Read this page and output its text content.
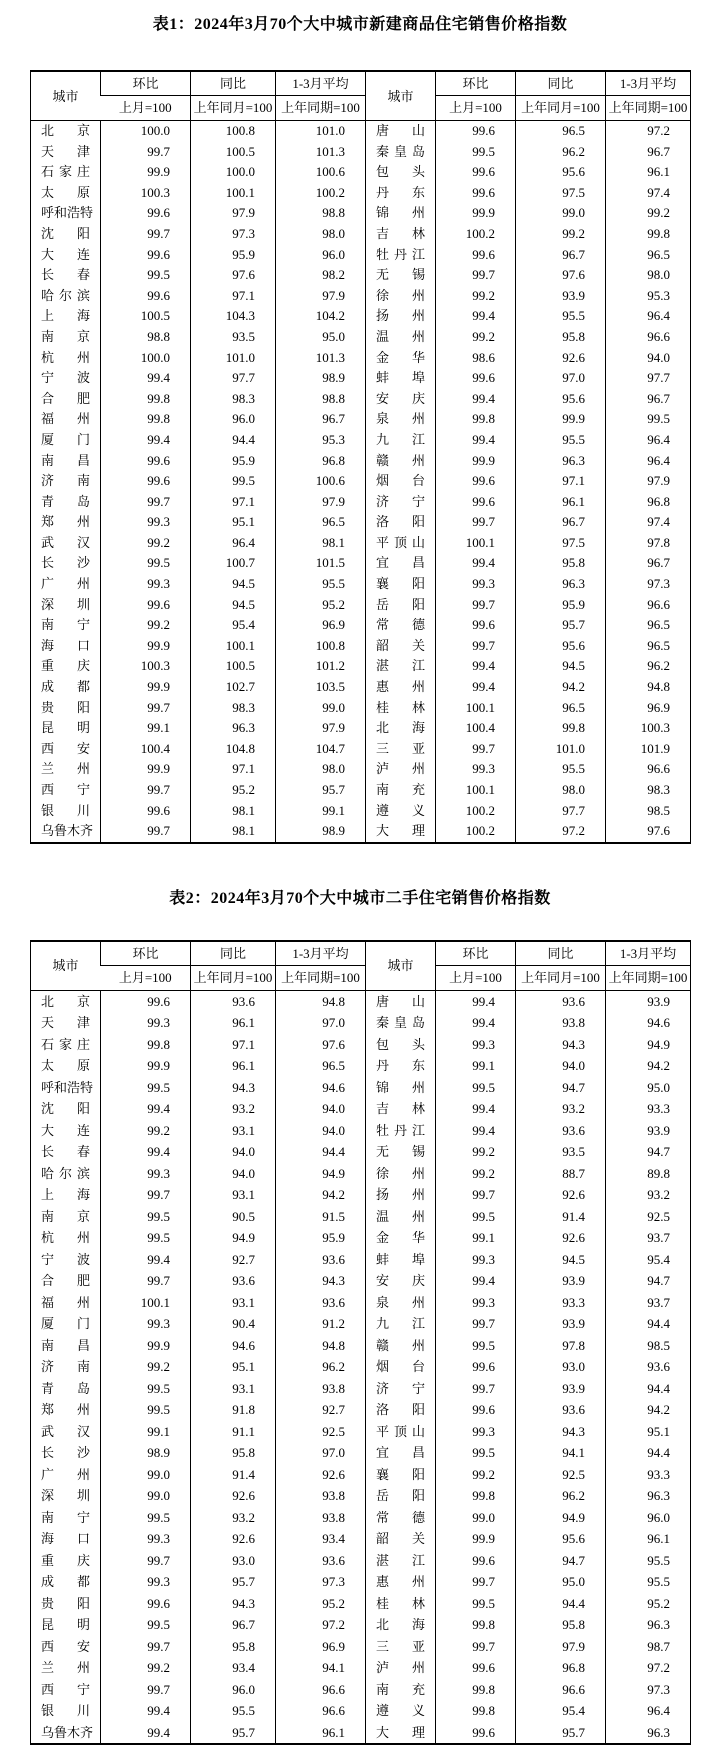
表1：2024年3月70个大中城市新建商品住宅销售价格指数
城市	环比	同比	1-3月平均	城市	环比	同比	1-3月平均
	上月=100	上年同月=100	上年同期=100		上月=100	上年同月=100	上年同期=100
北京	100.0	100.8	101.0	唐山	99.6	96.5	97.2
天津	99.7	100.5	101.3	秦皇岛	99.5	96.2	96.7
石家庄	99.9	100.0	100.6	包头	99.6	95.6	96.1
太原	100.3	100.1	100.2	丹东	99.6	97.5	97.4
呼和浩特	99.6	97.9	98.8	锦州	99.9	99.0	99.2
沈阳	99.7	97.3	98.0	吉林	100.2	99.2	99.8
大连	99.6	95.9	96.0	牡丹江	99.6	96.7	96.5
长春	99.5	97.6	98.2	无锡	99.7	97.6	98.0
哈尔滨	99.6	97.1	97.9	徐州	99.2	93.9	95.3
上海	100.5	104.3	104.2	扬州	99.4	95.5	96.4
南京	98.8	93.5	95.0	温州	99.2	95.8	96.6
杭州	100.0	101.0	101.3	金华	98.6	92.6	94.0
宁波	99.4	97.7	98.9	蚌埠	99.6	97.0	97.7
合肥	99.8	98.3	98.8	安庆	99.4	95.6	96.7
福州	99.8	96.0	96.7	泉州	99.8	99.9	99.5
厦门	99.4	94.4	95.3	九江	99.4	95.5	96.4
南昌	99.6	95.9	96.8	赣州	99.9	96.3	96.4
济南	99.6	99.5	100.6	烟台	99.6	97.1	97.9
青岛	99.7	97.1	97.9	济宁	99.6	96.1	96.8
郑州	99.3	95.1	96.5	洛阳	99.7	96.7	97.4
武汉	99.2	96.4	98.1	平顶山	100.1	97.5	97.8
长沙	99.5	100.7	101.5	宜昌	99.4	95.8	96.7
广州	99.3	94.5	95.5	襄阳	99.3	96.3	97.3
深圳	99.6	94.5	95.2	岳阳	99.7	95.9	96.6
南宁	99.2	95.4	96.9	常德	99.6	95.7	96.5
海口	99.9	100.1	100.8	韶关	99.7	95.6	96.5
重庆	100.3	100.5	101.2	湛江	99.4	94.5	96.2
成都	99.9	102.7	103.5	惠州	99.4	94.2	94.8
贵阳	99.7	98.3	99.0	桂林	100.1	96.5	96.9
昆明	99.1	96.3	97.9	北海	100.4	99.8	100.3
西安	100.4	104.8	104.7	三亚	99.7	101.0	101.9
兰州	99.9	97.1	98.0	泸州	99.3	95.5	96.6
西宁	99.7	95.2	95.7	南充	100.1	98.0	98.3
银川	99.6	98.1	99.1	遵义	100.2	97.7	98.5
乌鲁木齐	99.7	98.1	98.9	大理	100.2	97.2	97.6
表2：2024年3月70个大中城市二手住宅销售价格指数
城市	环比	同比	1-3月平均	城市	环比	同比	1-3月平均
	上月=100	上年同月=100	上年同期=100		上月=100	上年同月=100	上年同期=100
北京	99.6	93.6	94.8	唐山	99.4	93.6	93.9
天津	99.3	96.1	97.0	秦皇岛	99.4	93.8	94.6
石家庄	99.8	97.1	97.6	包头	99.3	94.3	94.9
太原	99.9	96.1	96.5	丹东	99.1	94.0	94.2
呼和浩特	99.5	94.3	94.6	锦州	99.5	94.7	95.0
沈阳	99.4	93.2	94.0	吉林	99.4	93.2	93.3
大连	99.2	93.1	94.0	牡丹江	99.4	93.6	93.9
长春	99.4	94.0	94.4	无锡	99.2	93.5	94.7
哈尔滨	99.3	94.0	94.9	徐州	99.2	88.7	89.8
上海	99.7	93.1	94.2	扬州	99.7	92.6	93.2
南京	99.5	90.5	91.5	温州	99.5	91.4	92.5
杭州	99.5	94.9	95.9	金华	99.1	92.6	93.7
宁波	99.4	92.7	93.6	蚌埠	99.3	94.5	95.4
合肥	99.7	93.6	94.3	安庆	99.4	93.9	94.7
福州	100.1	93.1	93.6	泉州	99.3	93.3	93.7
厦门	99.3	90.4	91.2	九江	99.7	93.9	94.4
南昌	99.9	94.6	94.8	赣州	99.5	97.8	98.5
济南	99.2	95.1	96.2	烟台	99.6	93.0	93.6
青岛	99.5	93.1	93.8	济宁	99.7	93.9	94.4
郑州	99.5	91.8	92.7	洛阳	99.6	93.6	94.2
武汉	99.1	91.1	92.5	平顶山	99.3	94.3	95.1
长沙	98.9	95.8	97.0	宜昌	99.5	94.1	94.4
广州	99.0	91.4	92.6	襄阳	99.2	92.5	93.3
深圳	99.0	92.6	93.8	岳阳	99.8	96.2	96.3
南宁	99.5	93.2	93.8	常德	99.0	94.9	96.0
海口	99.3	92.6	93.4	韶关	99.9	95.6	96.1
重庆	99.7	93.0	93.6	湛江	99.6	94.7	95.5
成都	99.3	95.7	97.3	惠州	99.7	95.0	95.5
贵阳	99.6	94.3	95.2	桂林	99.5	94.4	95.2
昆明	99.5	96.7	97.2	北海	99.8	95.8	96.3
西安	99.7	95.8	96.9	三亚	99.7	97.9	98.7
兰州	99.2	93.4	94.1	泸州	99.6	96.8	97.2
西宁	99.7	96.0	96.6	南充	99.8	96.6	97.3
银川	99.4	95.5	96.6	遵义	99.8	95.4	96.4
乌鲁木齐	99.4	95.7	96.1	大理	99.6	95.7	96.3
